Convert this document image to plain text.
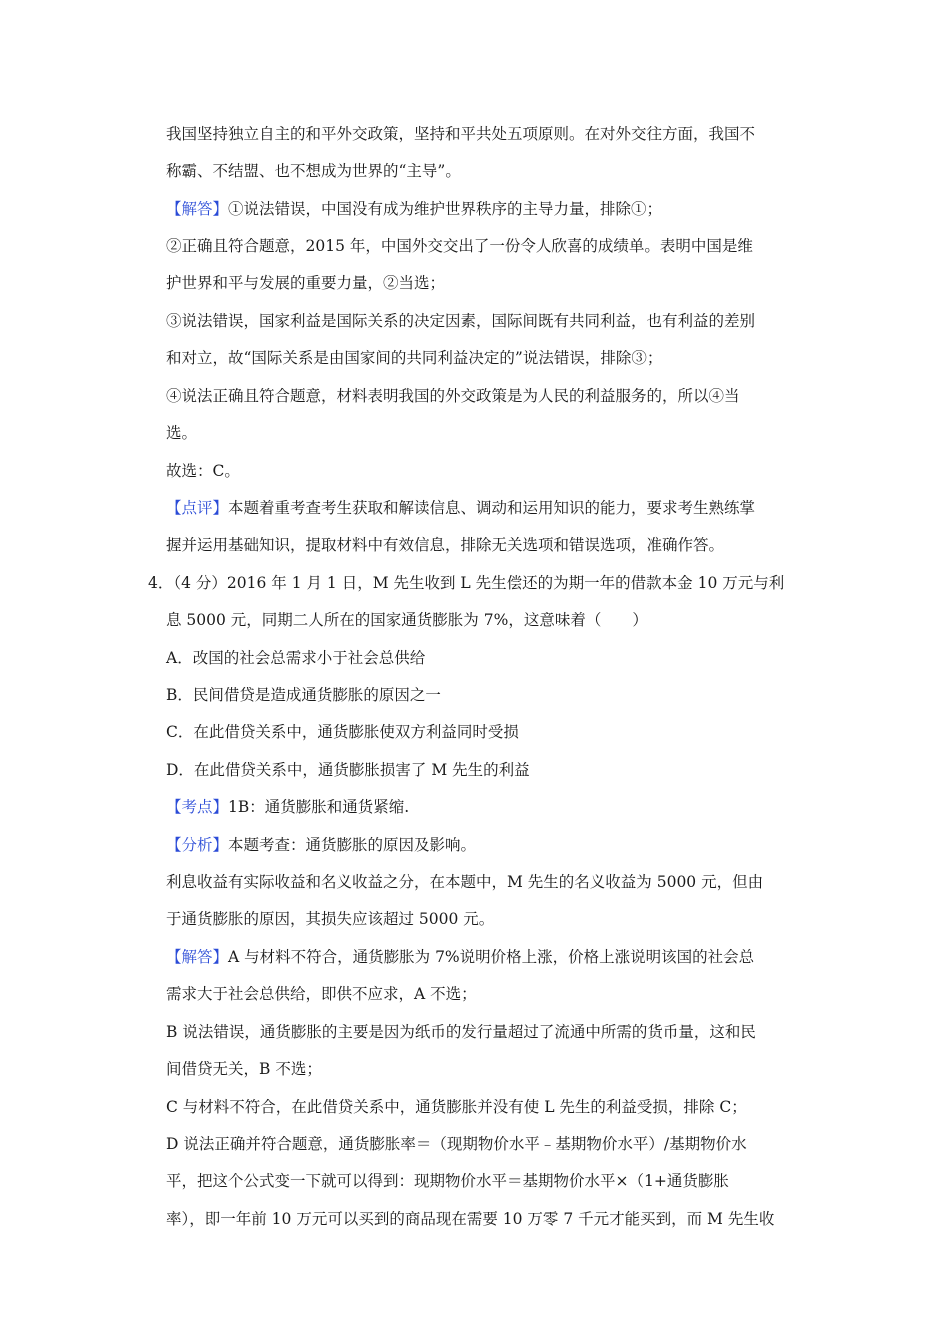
我国坚持独立自主的和平外交政策，坚持和平共处五项原则。在对外交往方面，我国不
称霸、不结盟、也不想成为世界的“主导”。
【解答】①说法错误，中国没有成为维护世界秩序的主导力量，排除①；
②正确且符合题意，2015 年，中国外交交出了一份令人欣喜的成绩单。表明中国是维
护世界和平与发展的重要力量，②当选；
③说法错误，国家利益是国际关系的决定因素，国际间既有共同利益，也有利益的差别
和对立，故“国际关系是由国家间的共同利益决定的”说法错误，排除③；
④说法正确且符合题意，材料表明我国的外交政策是为人民的利益服务的，所以④当
选。
故选：C。
【点评】本题着重考查考生获取和解读信息、调动和运用知识的能力，要求考生熟练掌
握并运用基础知识，提取材料中有效信息，排除无关选项和错误选项，准确作答。
4．（4 分）2016 年 1 月 1 日，M 先生收到 L 先生偿还的为期一年的借款本金 10 万元与利
息 5000 元，同期二人所在的国家通货膨胀为 7%，这意味着（　　）
A．改国的社会总需求小于社会总供给
B．民间借贷是造成通货膨胀的原因之一
C．在此借贷关系中，通货膨胀使双方利益同时受损
D．在此借贷关系中，通货膨胀损害了 M 先生的利益
【考点】1B：通货膨胀和通货紧缩.
【分析】本题考查：通货膨胀的原因及影响。
利息收益有实际收益和名义收益之分，在本题中，M 先生的名义收益为 5000 元，但由
于通货膨胀的原因，其损失应该超过 5000 元。
【解答】A 与材料不符合，通货膨胀为 7%说明价格上涨，价格上涨说明该国的社会总
需求大于社会总供给，即供不应求，A 不选；
B 说法错误，通货膨胀的主要是因为纸币的发行量超过了流通中所需的货币量，这和民
间借贷无关，B 不选；
C 与材料不符合，在此借贷关系中，通货膨胀并没有使 L 先生的利益受损，排除 C；
D 说法正确并符合题意，通货膨胀率＝（现期物价水平﹣基期物价水平）/基期物价水
平，把这个公式变一下就可以得到：现期物价水平＝基期物价水平×（1+通货膨胀
率），即一年前 10 万元可以买到的商品现在需要 10 万零 7 千元才能买到，而 M 先生收
